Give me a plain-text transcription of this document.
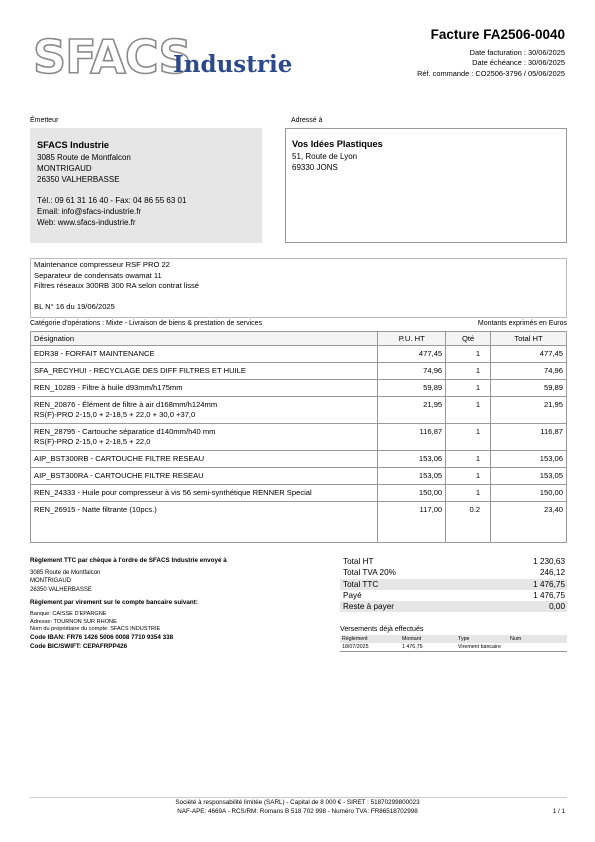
SFACS
Industrie
Facture FA2506-0040
Date facturation : 30/06/2025
Date échéance : 30/06/2025
Réf. commande : CO2506-3796 / 05/06/2025
Émetteur
SFACS Industrie
3085 Route de Montfalcon
MONTRIGAUD
26350 VALHERBASSE
Tél.: 09 61 31 16 40 - Fax: 04 86 55 63 01
Email: info@sfacs-industrie.fr
Web: www.sfacs-industrie.fr
Adressé à
Vos Idées Plastiques
51, Route de Lyon
69330 JONS
Maintenance compresseur RSF PRO 22
Separateur de condensats owamat 11
Filtres réseaux 300RB 300 RA selon contrat lissé
BL N° 16 du 19/06/2025
Catégorie d'opérations : Mixte - Livraison de biens & prestation de services	Montants exprimés en Euros
Désignation	P.U. HT	Qté	Total HT
EDR38 - FORFAIT MAINTENANCE	477,45	1	477,45
SFA_RECYHUI - RECYCLAGE DES DIFF FILTRES ET HUILE	74,96	1	74,96
REN_10289 - Filtre à huile d93mm/h175mm	59,89	1	59,89

REN_20876 - Élément de filtre à air d168mm/h124mm
RS(F)-PRO 2-15,0 + 2-18,5 + 22,0 + 30,0 +37,0	21,95	1	21,95

REN_28795 - Cartouche séparatice d140mm/h40 mm
RS(F)-PRO 2-15,0 + 2-18,5 + 22,0	116,87	1	116,87
AIP_BST300RB - CARTOUCHE FILTRE RESEAU	153,06	1	153,06
AIP_BST300RA - CARTOUCHE FILTRE RESEAU	153,05	1	153,05
REN_24333 - Huile pour compresseur à vis 56 semi-synthétique RENNER Special	150,00	1	150,00
REN_26915 - Natte filtrante (10pcs.)	117,00	0.2	23,40
Règlement TTC par chèque à l'ordre de SFACS Industrie envoyé à
3085 Route de Montfalcon
MONTRIGAUD
26350 VALHERBASSE
Règlement par virement sur le compte bancaire suivant:
Banque: CAISSE D'EPARGNE
Adresse: TOURNON SUR RHONE
Nom du propriétaire du compte: SFACS INDUSTRIE
Code IBAN: FR76 1426 5006 0008 7710 9354 338
Code BIC/SWIFT: CEPAFRPP426
Total HT	1 230,63
Total TVA 20%	246,12
Total TTC	1 476,75
Payé	1 476,75
Reste à payer	0,00
Versements déjà effectués
Règlement	Montant	Type	Num
18/07/2025	1 476,75	Virement bancaire	
Société à responsabilité limitée (SARL) - Capital de 8 000 € - SIRET : 51870299800023
NAF-APE: 4669A - RCS/RM: Romans B 518 702 998 - Numéro TVA: FR86518702998	1 / 1
